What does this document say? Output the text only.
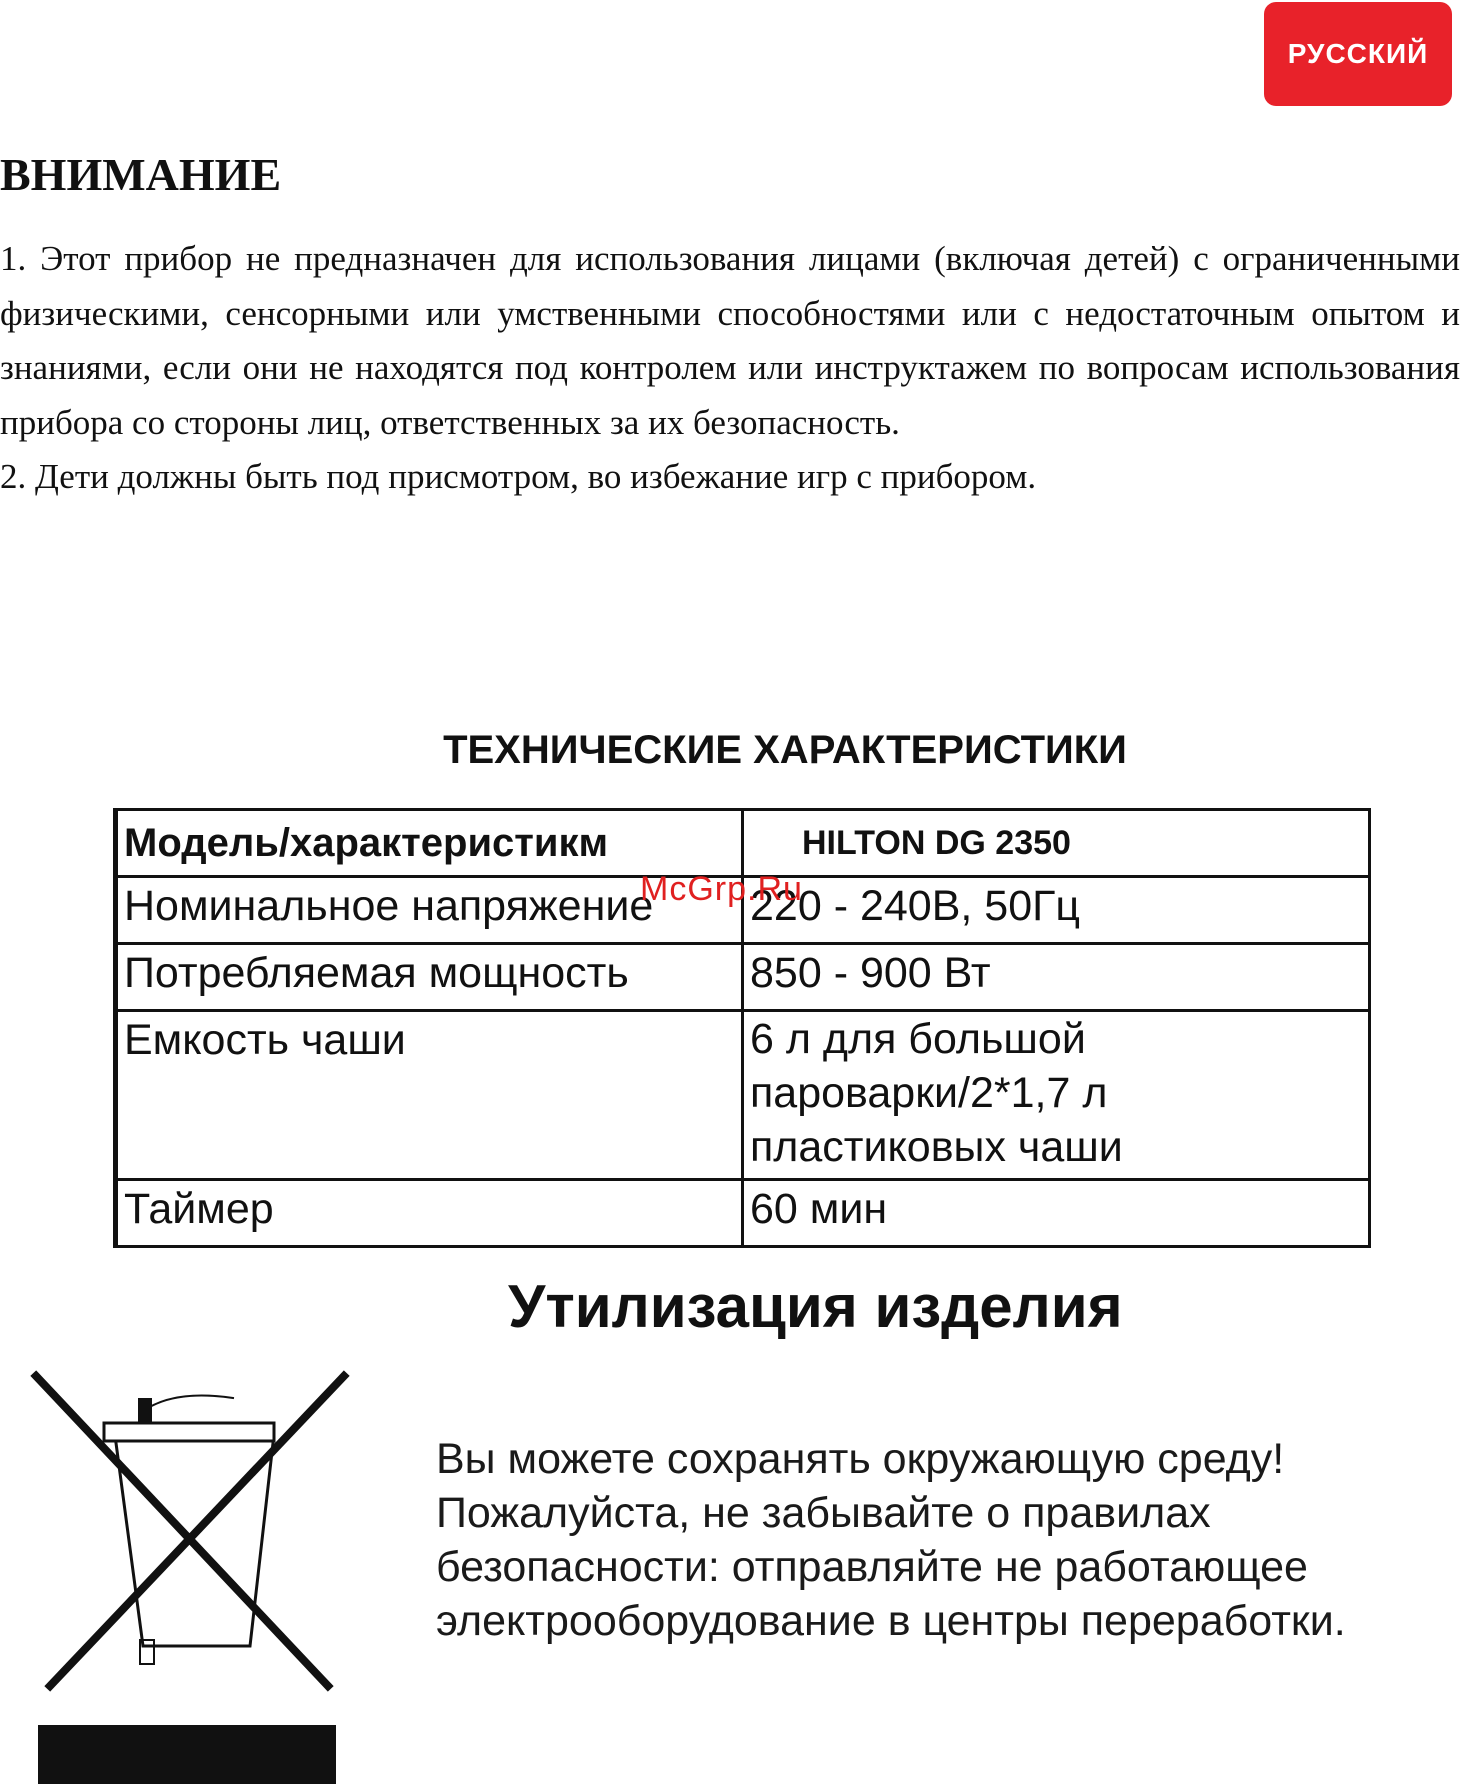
РУССКИЙ
ВНИМАНИЕ

1. Этот прибор не предназначен для использования лицами (включая детей) с ограниченными физическими, сенсорными или умственными способностями или с недостаточным опытом и знаниями, если они не находятся под контролем или инструктажем по вопросам использования прибора со стороны лиц, ответственных за их безопасность.

2. Дети должны быть под присмотром, во избежание игр с прибором.

ТЕХНИЧЕСКИЕ ХАРАКТЕРИСТИКИ
Модель/характеристикм	HILTON DG 2350
Номинальное напряжение	220 - 240В, 50Гц
Потребляемая мощность	850 - 900 Вт
Емкость чаши	6 л для большой пароварки/2*1,7 л пластиковых чаши
Таймер	60 мин
McGrp.Ru
Утилизация изделия
Вы можете сохранять окружающую среду! Пожалуйста, не забывайте о правилах безопасности: отправляйте не работающее электрооборудование в центры переработки.
